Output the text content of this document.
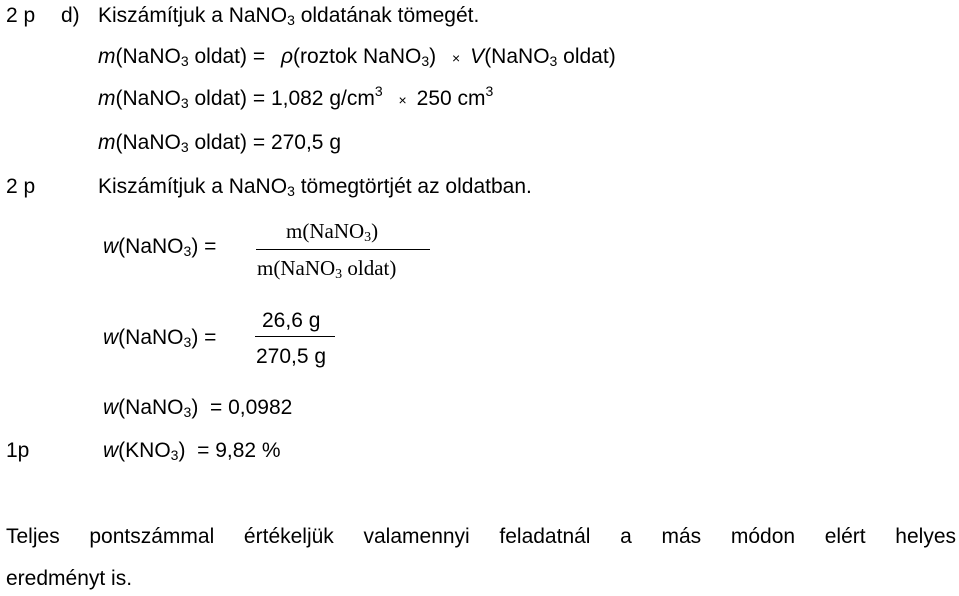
2 p d) Kiszámítjuk a NaNO$_3$ oldatának tömegét.
m(NaNO$_3$ oldat) = ρ(roztok NaNO$_3$) × V(NaNO$_3$ oldat)
m(NaNO$_3$ oldat) = 1,082 $g/cm^3 \times 250$ $cm^3$
m(NaNO$_3$ oldat) = 270,5 g
2 p	Kiszámítjuk a NaNO$_3$ tömegtörtjét az oldatban.
w(NaNO$_3$) =
m(NaNO$_3$)
m(NaNO$_3$ oldat)
w(NaNO$_3$) =
26,6 g
270,5 g
w(NaNO$_3$)  = 0,0982
1p	$w(KNO_3) = 9,82$ %
Teljes pontszámmal értékeljük valamennyi feladatnál a más módon elért helyes
eredményt is.
